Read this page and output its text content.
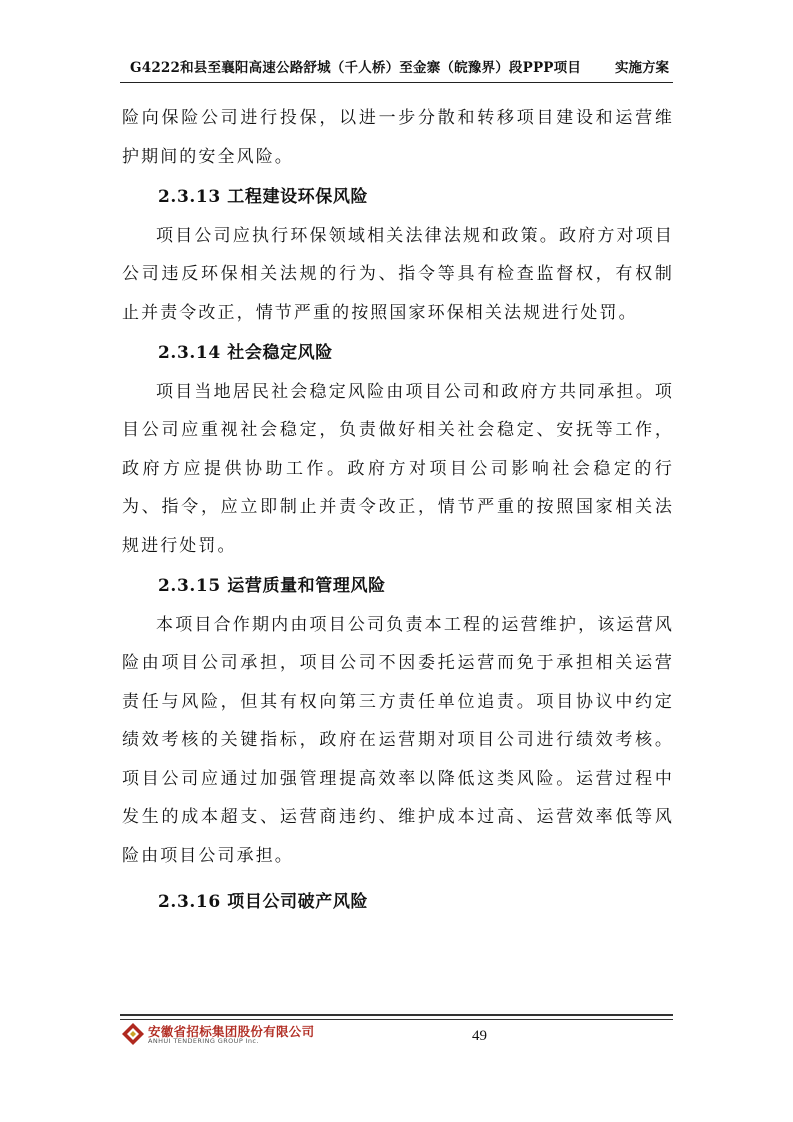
G4222和县至襄阳高速公路舒城（千人桥）至金寨（皖豫界）段PPP项目	实施方案

险向保险公司进行投保，以进一步分散和转移项目建设和运营维护期间的安全风险。

2.3.13 工程建设环保风险

项目公司应执行环保领域相关法律法规和政策。政府方对项目公司违反环保相关法规的行为、指令等具有检查监督权，有权制止并责令改正，情节严重的按照国家环保相关法规进行处罚。

2.3.14 社会稳定风险

项目当地居民社会稳定风险由项目公司和政府方共同承担。项目公司应重视社会稳定，负责做好相关社会稳定、安抚等工作，政府方应提供协助工作。政府方对项目公司影响社会稳定的行为、指令，应立即制止并责令改正，情节严重的按照国家相关法规进行处罚。

2.3.15 运营质量和管理风险

本项目合作期内由项目公司负责本工程的运营维护，该运营风险由项目公司承担，项目公司不因委托运营而免于承担相关运营责任与风险，但其有权向第三方责任单位追责。项目协议中约定绩效考核的关键指标，政府在运营期对项目公司进行绩效考核。项目公司应通过加强管理提高效率以降低这类风险。运营过程中发生的成本超支、运营商违约、维护成本过高、运营效率低等风险由项目公司承担。

2.3.16 项目公司破产风险
安徽省招标集团股份有限公司
ANHUI TENDERING GROUP Inc.	49
